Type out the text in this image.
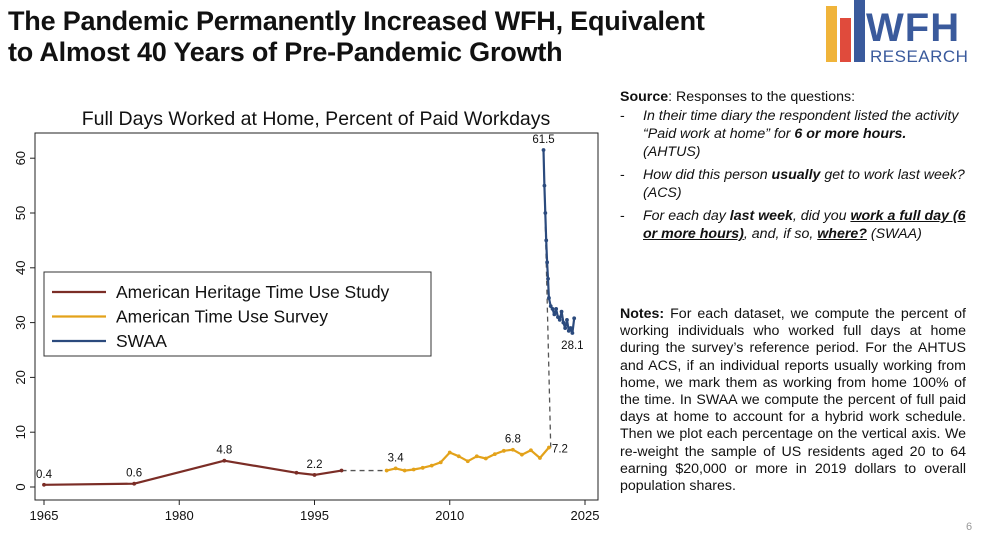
The Pandemic Permanently Increased WFH, Equivalent
to Almost 40 Years of Pre-Pandemic Growth
WFH
RESEARCH
Full Days Worked at Home, Percent of Paid Workdays
0
10
20
30
40
50
60
1965	1980	1995	2010	2025
0.4	0.6
4.8
2.2
3.4
6.8
7.2
61.5
28.1
American Heritage Time Use Study
American Time Use Survey
SWAA
Source: Responses to the questions:
- In their time diary the respondent listed the activity “Paid work at home” for 6 or more hours. (AHTUS)
- How did this person usually get to work last week? (ACS)
- For each day last week, did you work a full day (6 or more hours), and, if so, where? (SWAA)
Notes: For each dataset, we compute the percent of working individuals who worked full days at home during the survey’s reference period. For the AHTUS and ACS, if an individual reports usually working from home, we mark them as working from home 100% of the time. In SWAA we compute the percent of full paid days at home to account for a hybrid work schedule. Then we plot each percentage on the vertical axis. We re-weight the sample of US residents aged 20 to 64 earning $20,000 or more in 2019 dollars to overall population shares.
6
